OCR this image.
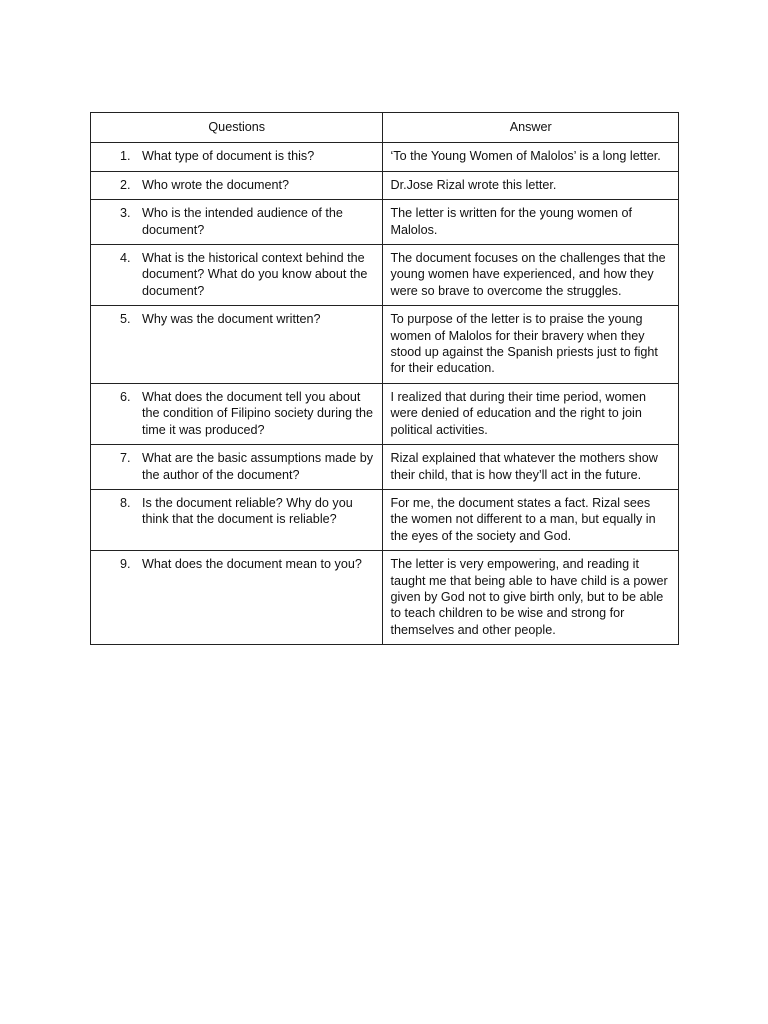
Questions	Answer

1. What type of document is this?	‘To the Young Women of Malolos’ is a long letter.

2. Who wrote the document?	Dr.Jose Rizal wrote this letter.

3. Who is the intended audience of the document?	The letter is written for the young women of Malolos.

4. What is the historical context behind the document? What do you know about the document?	The document focuses on the challenges that the young women have experienced, and how they were so brave to overcome the struggles.

5. Why was the document written?	To purpose of the letter is to praise the young women of Malolos for their bravery when they stood up against the Spanish priests just to fight for their education.

6. What does the document tell you about the condition of Filipino society during the time it was produced?	I realized that during their time period, women were denied of education and the right to join political activities.

7. What are the basic assumptions made by the author of the document?	Rizal explained that whatever the mothers show their child, that is how they’ll act in the future.

8. Is the document reliable? Why do you think that the document is reliable?	For me, the document states a fact. Rizal sees the women not different to a man, but equally in the eyes of the society and God.

9. What does the document mean to you?	The letter is very empowering, and reading it taught me that being able to have child is a power given by God not to give birth only, but to be able to teach children to be wise and strong for themselves and other people.
